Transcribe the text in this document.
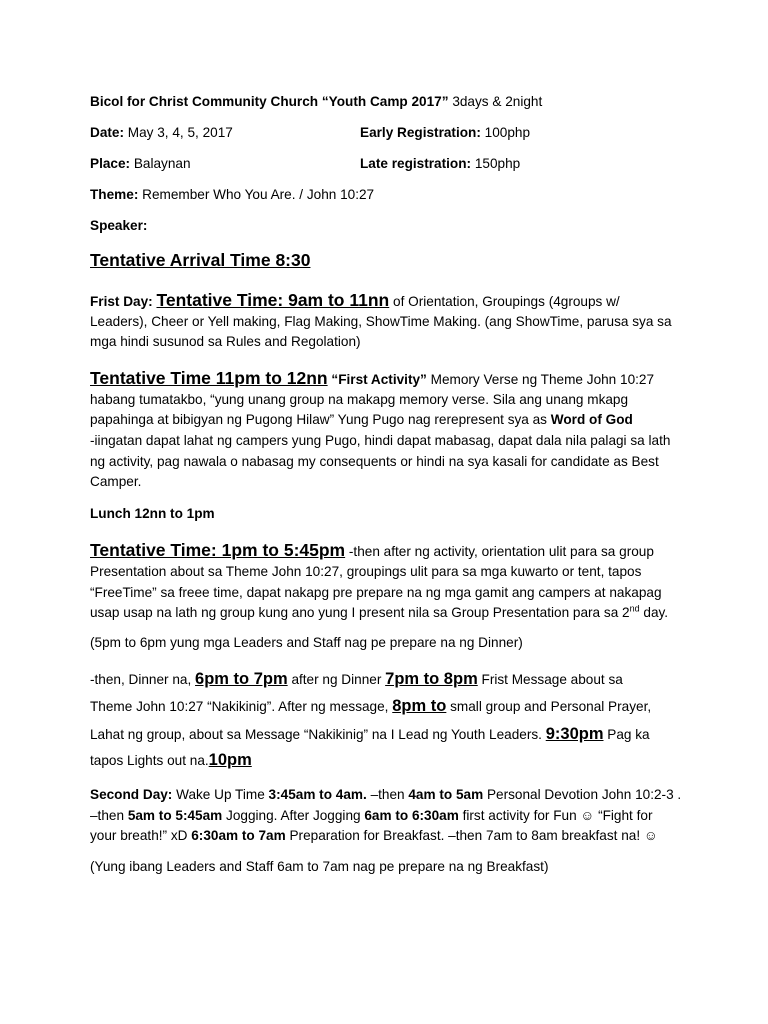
Bicol for Christ Community Church “Youth Camp 2017” 3days & 2night
Date: May 3, 4, 5, 2017	Early Registration: 100php
Place: Balaynan	Late registration: 150php
Theme: Remember Who You Are. / John 10:27
Speaker:
Tentative Arrival Time 8:30
Frist Day: Tentative Time: 9am to 11nn of Orientation, Groupings (4groups w/
Leaders), Cheer or Yell making, Flag Making, ShowTime Making. (ang ShowTime, parusa sya sa
mga hindi susunod sa Rules and Regolation)
Tentative Time 11pm to 12nn “First Activity” Memory Verse ng Theme John 10:27
habang tumatakbo, “yung unang group na makapg memory verse. Sila ang unang mkapg
papahinga at bibigyan ng Pugong Hilaw” Yung Pugo nag rerepresent sya as Word of God
-iingatan dapat lahat ng campers yung Pugo, hindi dapat mabasag, dapat dala nila palagi sa lath
ng activity, pag nawala o nabasag my consequents or hindi na sya kasali for candidate as Best
Camper.
Lunch 12nn to 1pm
Tentative Time: 1pm to 5:45pm -then after ng activity, orientation ulit para sa group
Presentation about sa Theme John 10:27, groupings ulit para sa mga kuwarto or tent, tapos
“FreeTime” sa freee time, dapat nakapg pre prepare na ng mga gamit ang campers at nakapag
usap usap na lath ng group kung ano yung I present nila sa Group Presentation para sa 2nd day.
(5pm to 6pm yung mga Leaders and Staff nag pe prepare na ng Dinner)
-then, Dinner na, 6pm to 7pm after ng Dinner 7pm to 8pm Frist Message about sa
Theme John 10:27 “Nakikinig”. After ng message, 8pm to small group and Personal Prayer,
Lahat ng group, about sa Message “Nakikinig” na I Lead ng Youth Leaders. 9:30pm Pag ka
tapos Lights out na.10pm
Second Day: Wake Up Time 3:45am to 4am. –then 4am to 5am Personal Devotion John 10:2-3 .
–then 5am to 5:45am Jogging. After Jogging 6am to 6:30am first activity for Fun ☺ “Fight for
your breath!” xD 6:30am to 7am Preparation for Breakfast. –then 7am to 8am breakfast na! ☺
(Yung ibang Leaders and Staff 6am to 7am nag pe prepare na ng Breakfast)
